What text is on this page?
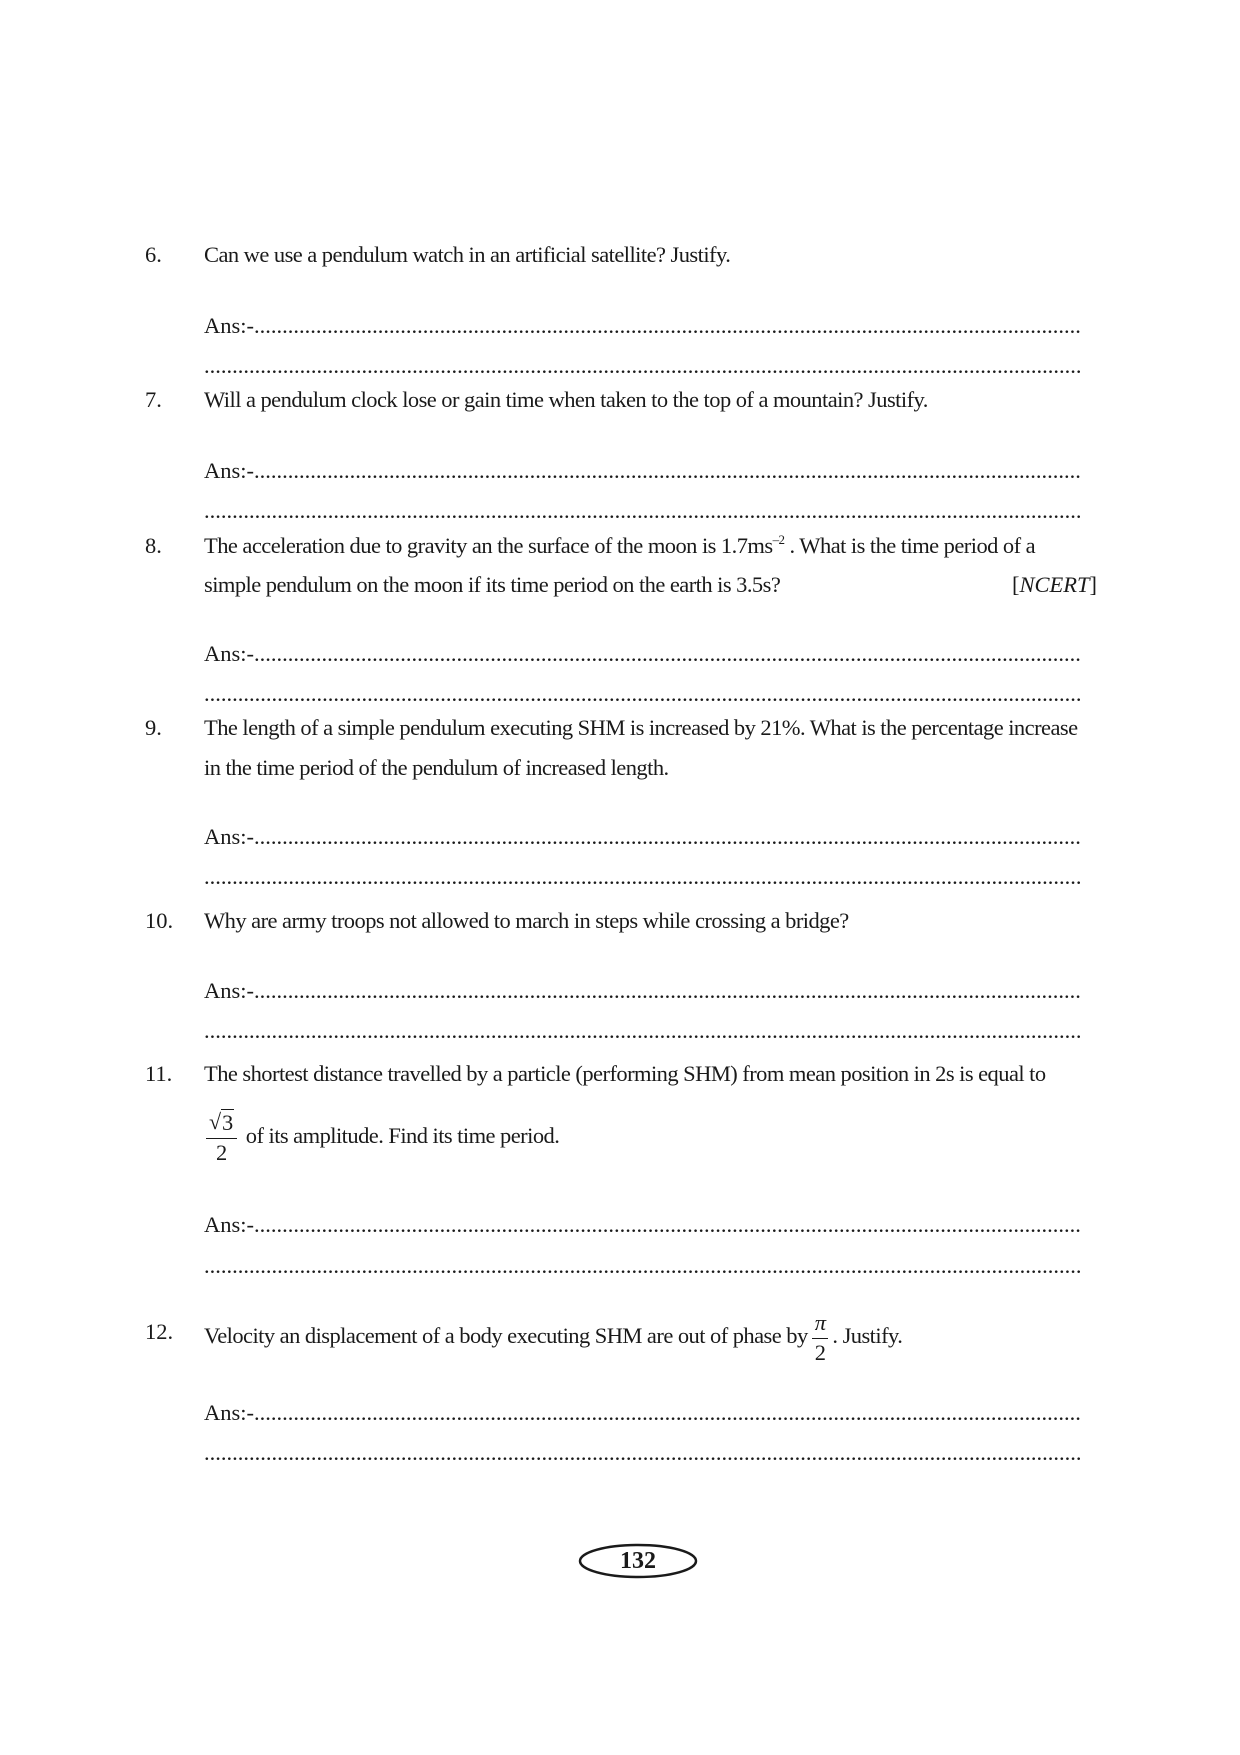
6.	Can we use a pendulum watch in an artificial satellite? Justify.
Ans:- .....
.....
7.	Will a pendulum clock lose or gain time when taken to the top of a mountain? Justify.
Ans:- .....
.....
8.	The acceleration due to gravity an the surface of the moon is $1.7ms^{-2}$ . What is the time period of a
simple pendulum on the moon if its time period on the earth is 3.5s?	[NCERT]
Ans:- .....
.....
9.	The length of a simple pendulum executing SHM is increased by 21%. What is the percentage increase
in the time period of the pendulum of increased length.
Ans:- .....
.....
10.	Why are army troops not allowed to march in steps while crossing a bridge?
Ans:- .....
.....
11.	The shortest distance travelled by a particle (performing SHM) from mean position in 2s is equal to
√ $\frac{3}{2}$ of its amplitude. Find its time period.
Ans:- .....
.....
12.	Velocity an displacement of a body executing SHM are out of phase by $\frac{\pi}{2}$ . Justify.
Ans:- .....
.....
132
